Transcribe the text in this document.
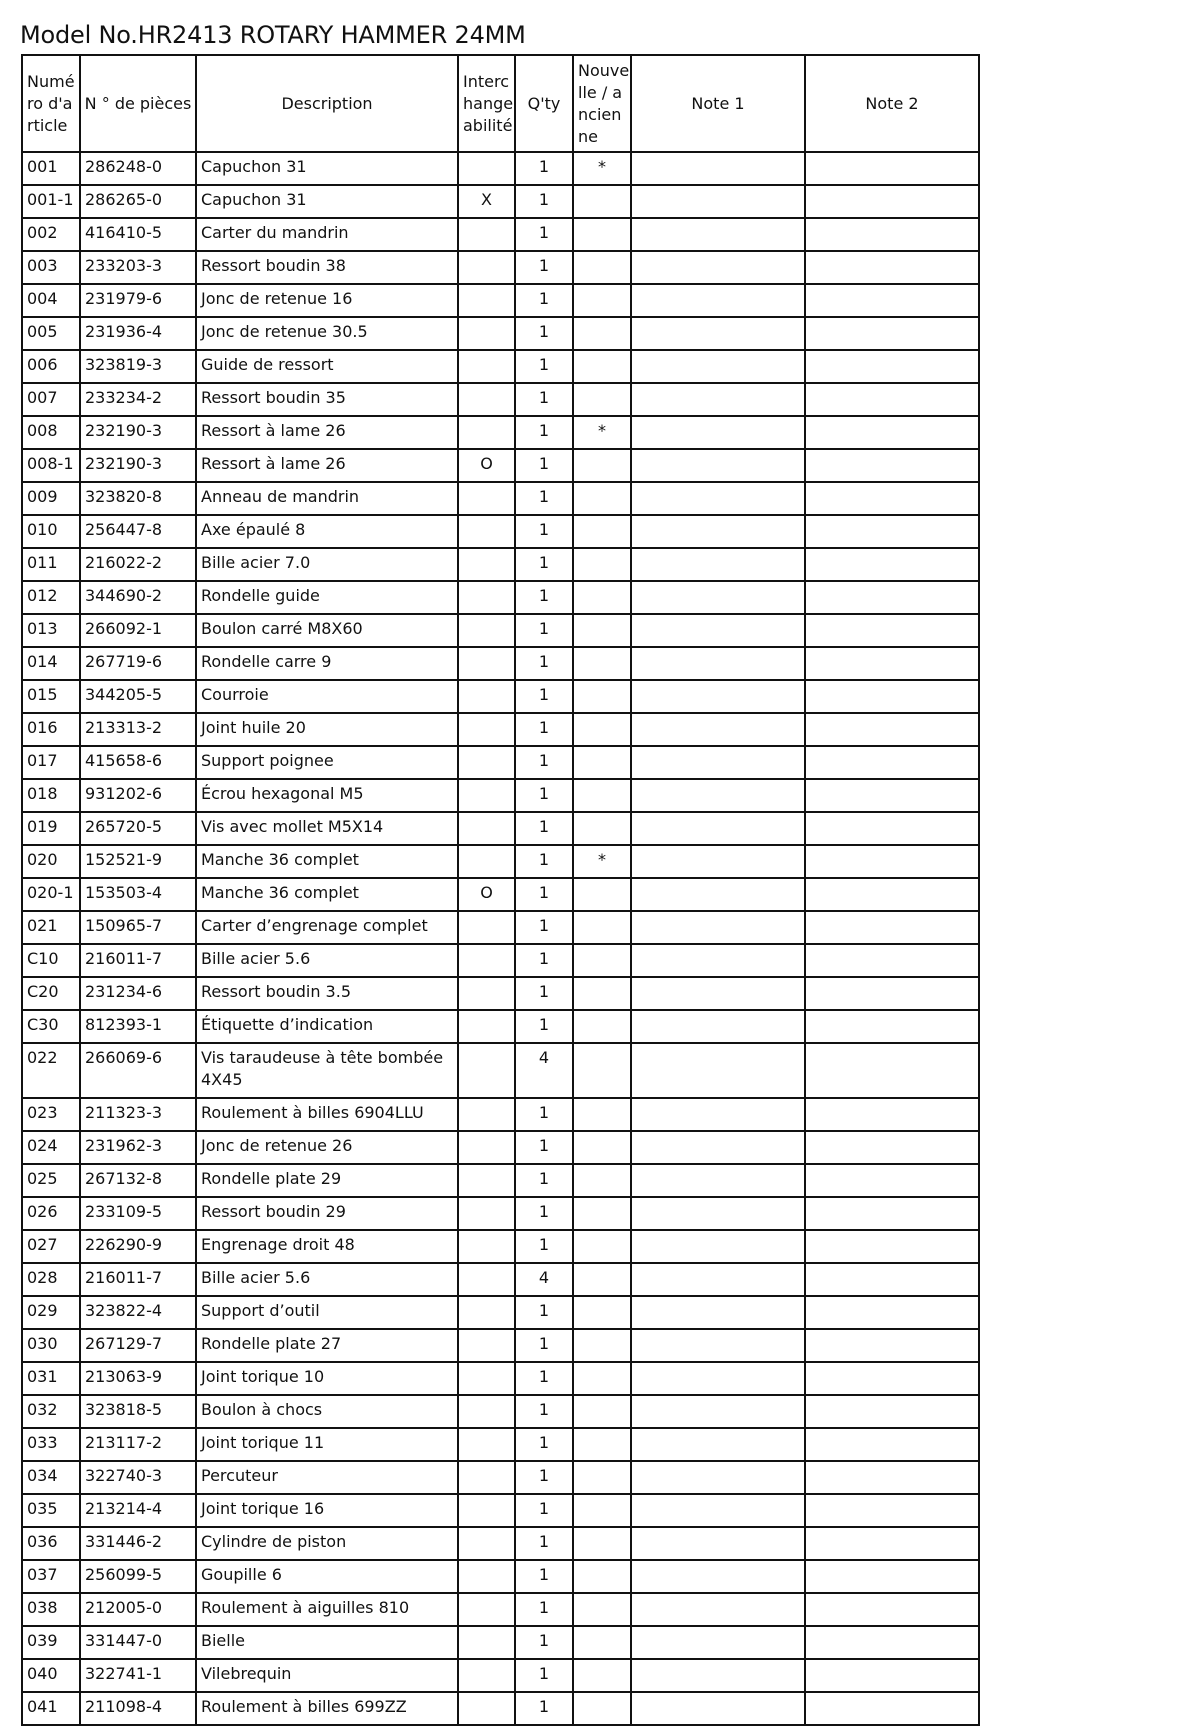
Model No.HR2413 ROTARY HAMMER 24MM
Numéro d'article	N ° de pièces	Description	Interchangeabilité	Q'ty	Nouvelle / ancienne	Note 1	Note 2
001	286248-0	Capuchon 31		1	*		
001-1	286265-0	Capuchon 31	X	1			
002	416410-5	Carter du mandrin		1			
003	233203-3	Ressort boudin 38		1			
004	231979-6	Jonc de retenue 16		1			
005	231936-4	Jonc de retenue 30.5		1			
006	323819-3	Guide de ressort		1			
007	233234-2	Ressort boudin 35		1			
008	232190-3	Ressort à lame 26		1	*		
008-1	232190-3	Ressort à lame 26	O	1			
009	323820-8	Anneau de mandrin		1			
010	256447-8	Axe épaulé 8		1			
011	216022-2	Bille acier 7.0		1			
012	344690-2	Rondelle guide		1			
013	266092-1	Boulon carré M8X60		1			
014	267719-6	Rondelle carre 9		1			
015	344205-5	Courroie		1			
016	213313-2	Joint huile 20		1			
017	415658-6	Support poignee		1			
018	931202-6	Écrou hexagonal M5		1			
019	265720-5	Vis avec mollet M5X14		1			
020	152521-9	Manche 36 complet		1	*		
020-1	153503-4	Manche 36 complet	O	1			
021	150965-7	Carter d’engrenage complet		1			
C10	216011-7	Bille acier 5.6		1			
C20	231234-6	Ressort boudin 3.5		1			
C30	812393-1	Étiquette d’indication		1			
022	266069-6	Vis taraudeuse à tête bombée 4X45		4			
023	211323-3	Roulement à billes 6904LLU		1			
024	231962-3	Jonc de retenue 26		1			
025	267132-8	Rondelle plate 29		1			
026	233109-5	Ressort boudin 29		1			
027	226290-9	Engrenage droit 48		1			
028	216011-7	Bille acier 5.6		4			
029	323822-4	Support d’outil		1			
030	267129-7	Rondelle plate 27		1			
031	213063-9	Joint torique 10		1			
032	323818-5	Boulon à chocs		1			
033	213117-2	Joint torique 11		1			
034	322740-3	Percuteur		1			
035	213214-4	Joint torique 16		1			
036	331446-2	Cylindre de piston		1			
037	256099-5	Goupille 6		1			
038	212005-0	Roulement à aiguilles 810		1			
039	331447-0	Bielle		1			
040	322741-1	Vilebrequin		1			
041	211098-4	Roulement à billes 699ZZ		1			
